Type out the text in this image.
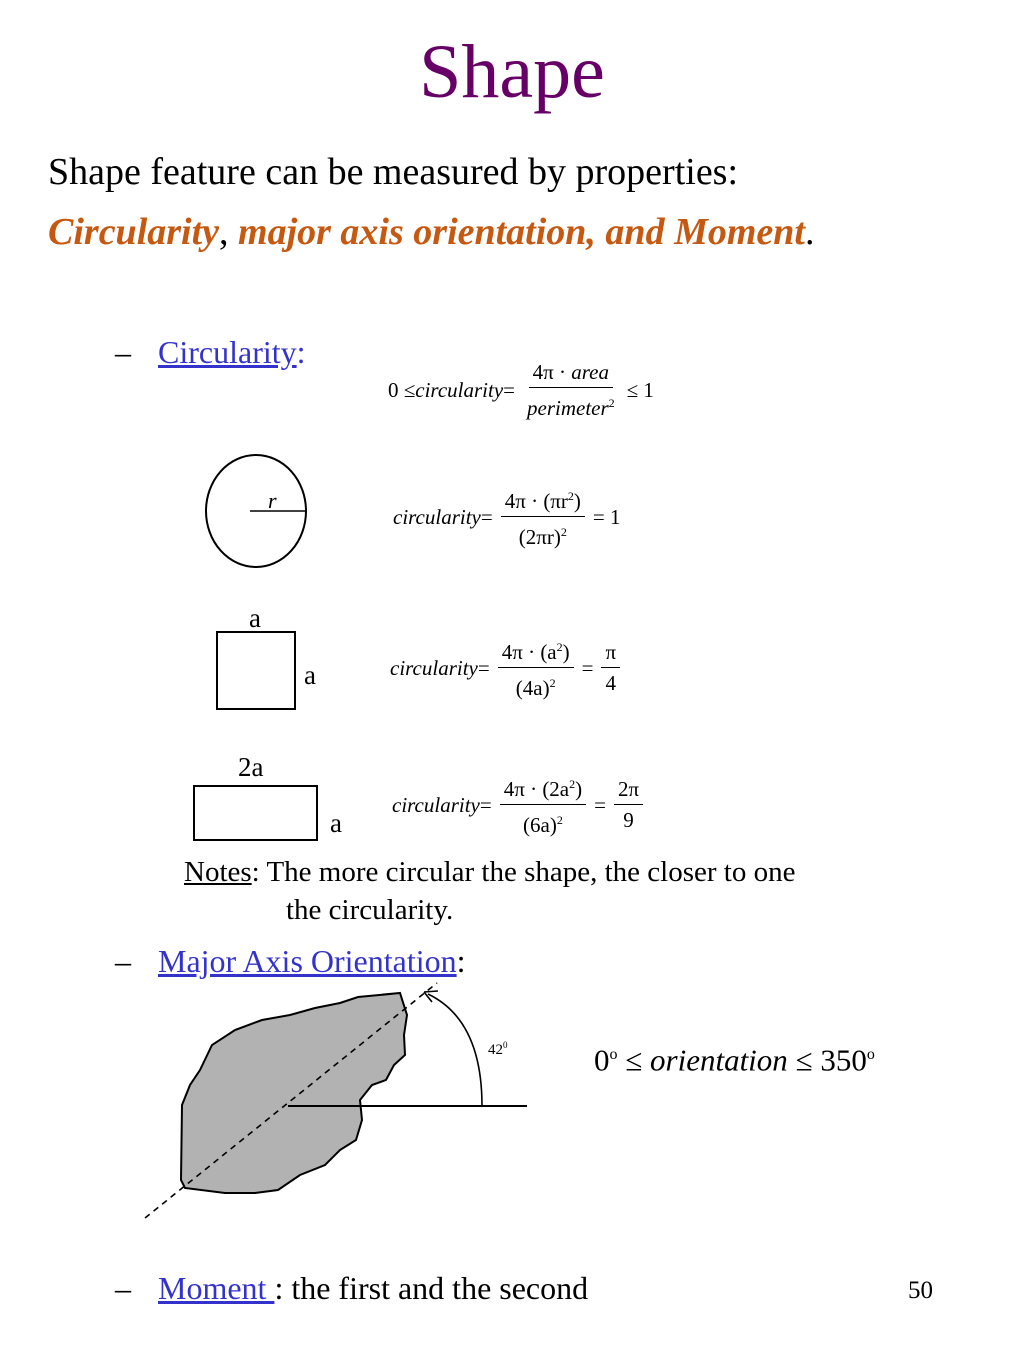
Shape
Shape feature can be measured by properties:
Circularity, major axis orientation, and Moment.
– Circularity:
0 ≤ circularity = $\frac{\text{4π · area}}{perimeter^2} \le 1$
r
a
a
2a
a
$42^0$
circularity = $\frac{4\pi \cdot (\pi r^2)}{(2\pi r)^2} = 1$
circularity = $\frac{4\pi \cdot (a^2)}{(4a)^2} = \frac{\pi}{4}$
circularity = $\frac{4\pi \cdot (2a^2)}{(6a)^2} = \frac{2\pi}{9}$
Notes: The more circular the shape, the closer to one
the circularity.
– Major Axis Orientation:
$0^o$ ≤ orientation ≤ $350^o$
– Moment : the first and the second	50
